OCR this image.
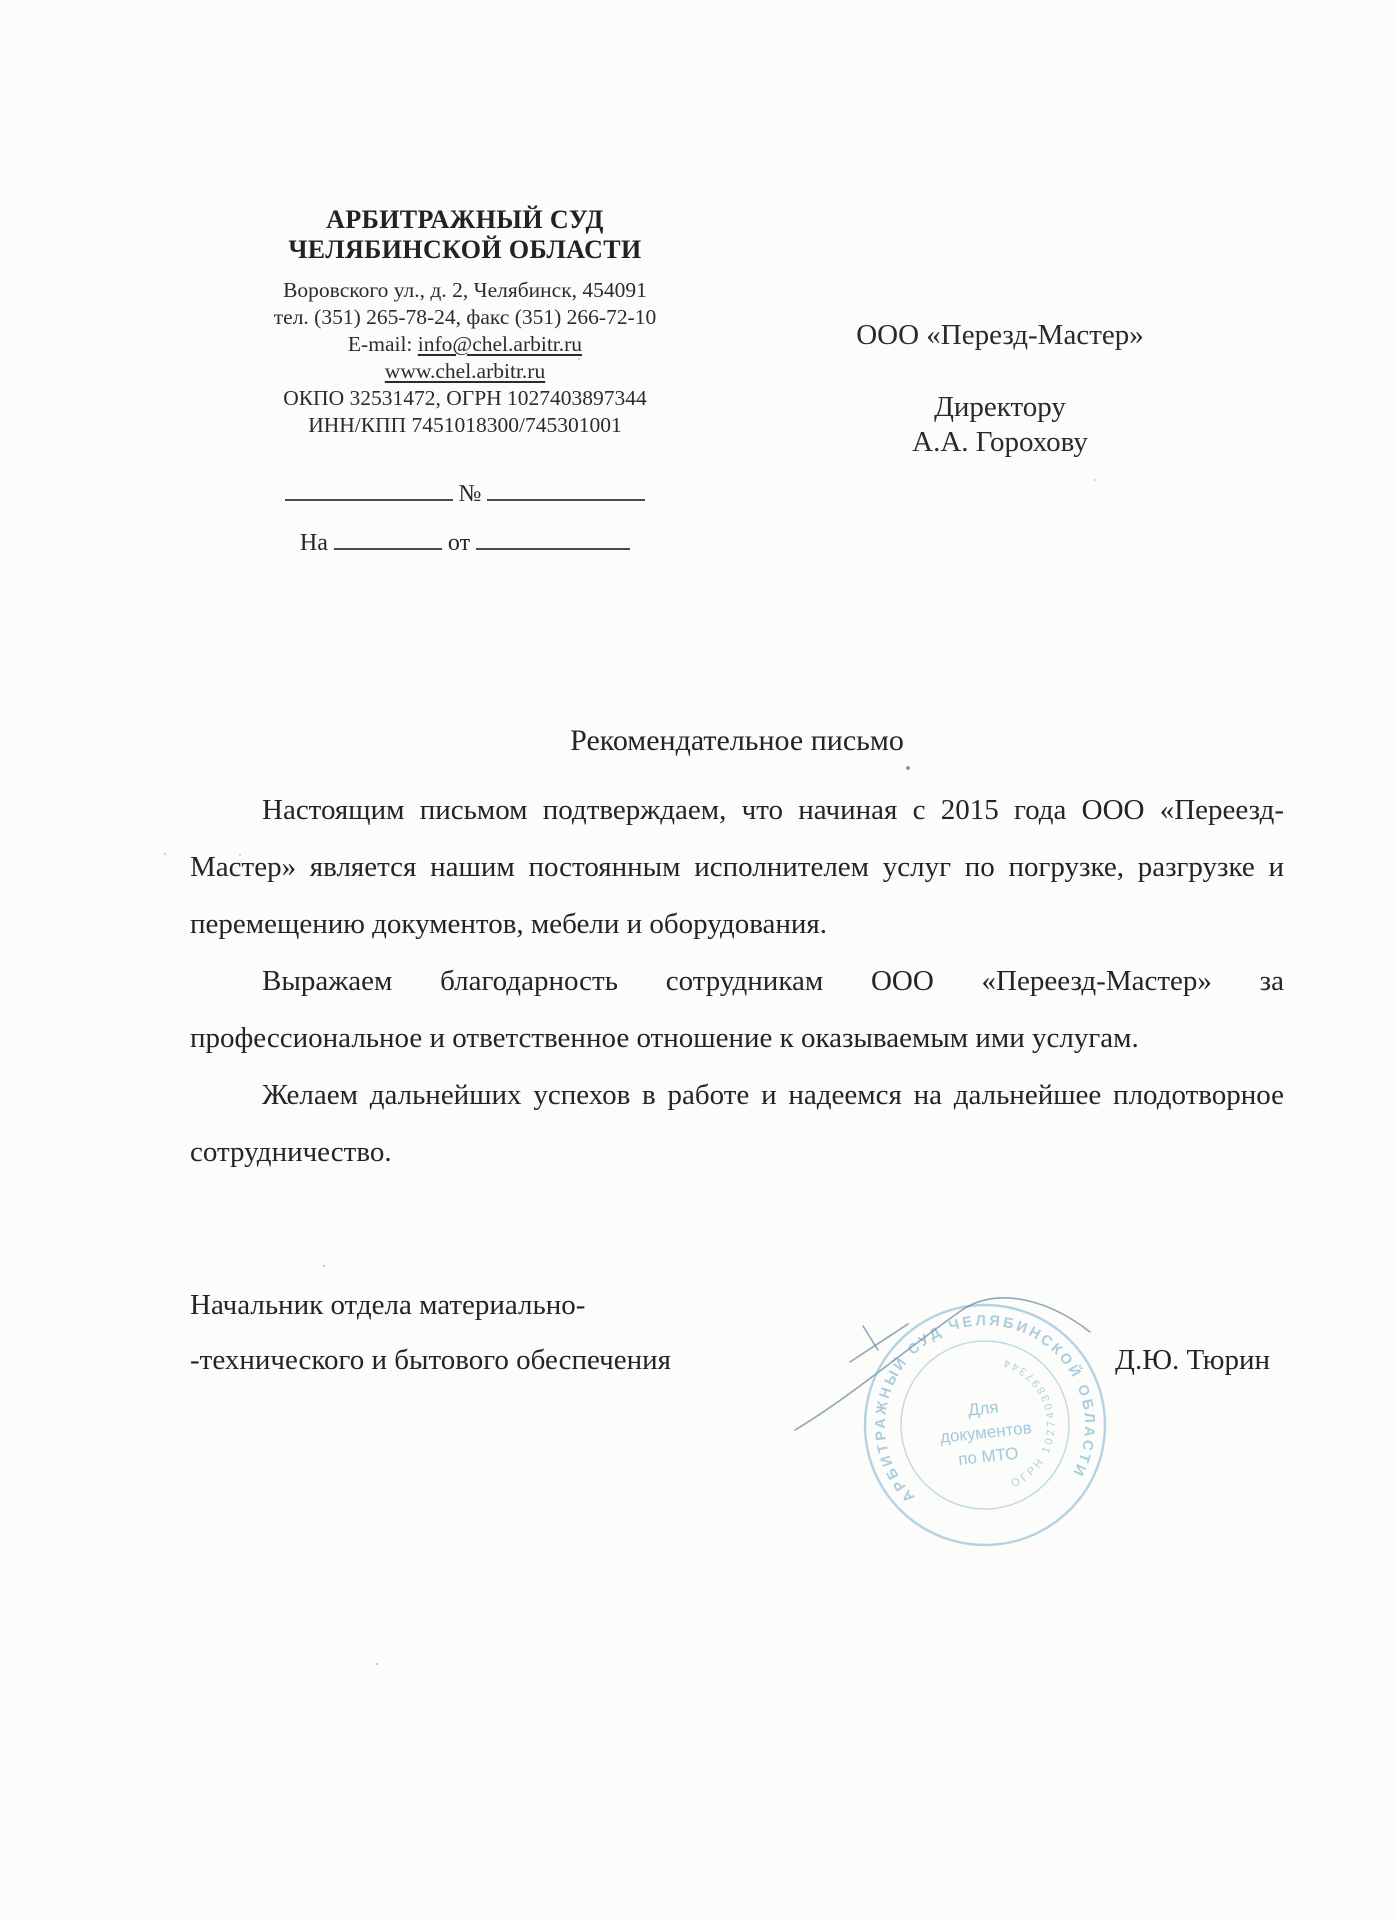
АРБИТРАЖНЫЙ СУД
ЧЕЛЯБИНСКОЙ ОБЛАСТИ
Воровского ул., д. 2, Челябинск, 454091
тел. (351) 265-78-24, факс (351) 266-72-10
E-mail: info@chel.arbitr.ru
www.chel.arbitr.ru
ОКПО 32531472, ОГРН 1027403897344
ИНН/КПП 7451018300/745301001
№
На	от
ООО «Перезд-Мастер»
Директору
А.А. Горохову
Рекомендательное письмо

Настоящим письмом подтверждаем, что начиная с 2015 года ООО «Переезд-Мастер» является нашим постоянным исполнителем услуг по погрузке, разгрузке и перемещению документов, мебели и оборудования.

Выражаем благодарность сотрудникам ООО «Переезд-Мастер» за профессиональное и ответственное отношение к оказываемым ими услугам.

Желаем дальнейших успехов в работе и надеемся на дальнейшее плодотворное сотрудничество.

Начальник отдела материально-
-технического и бытового обеспечения	Д.Ю. Тюрин
АРБИТРАЖНЫЙ СУД ЧЕЛЯБИНСКОЙ ОБЛАСТИ
ОГРН 1027403897344
Для
документов
по МТО
